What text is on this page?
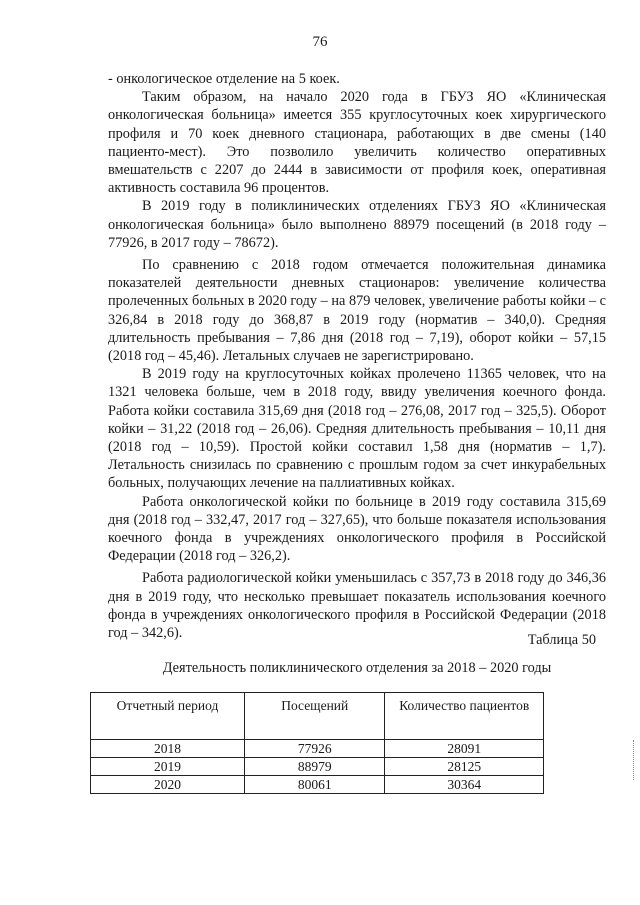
76

- онкологическое отделение на 5 коек.

Таким образом, на начало 2020 года в ГБУЗ ЯО «Клиническая онкологическая больница» имеется 355 круглосуточных коек хирургического профиля и 70 коек дневного стационара, работающих в две смены (140 пациенто-мест). Это позволило увеличить количество оперативных вмешательств с 2207 до 2444 в зависимости от профиля коек, оперативная активность составила 96 процентов.

В 2019 году в поликлинических отделениях ГБУЗ ЯО «Клиническая онкологическая больница» было выполнено 88979 посещений (в 2018 году – 77926, в 2017 году – 78672).

По сравнению с 2018 годом отмечается положительная динамика показателей деятельности дневных стационаров: увеличение количества пролеченных больных в 2020 году – на 879 человек, увеличение работы койки – с 326,84 в 2018 году до 368,87 в 2019 году (норматив – 340,0). Средняя длительность пребывания – 7,86 дня (2018 год – 7,19), оборот койки – 57,15 (2018 год – 45,46). Летальных случаев не зарегистрировано.

В 2019 году на круглосуточных койках пролечено 11365 человек, что на 1321 человека больше, чем в 2018 году, ввиду увеличения коечного фонда. Работа койки составила 315,69 дня (2018 год – 276,08, 2017 год – 325,5). Оборот койки – 31,22 (2018 год – 26,06). Средняя длительность пребывания – 10,11 дня (2018 год – 10,59). Простой койки составил 1,58 дня (норматив – 1,7). Летальность снизилась по сравнению с прошлым годом за счет инкурабельных больных, получающих лечение на паллиативных койках.

Работа онкологической койки по больнице в 2019 году составила 315,69 дня (2018 год – 332,47, 2017 год – 327,65), что больше показателя использования коечного фонда в учреждениях онкологического профиля в Российской Федерации (2018 год – 326,2).

Работа радиологической койки уменьшилась с 357,73 в 2018 году до 346,36 дня в 2019 году, что несколько превышает показатель использования коечного фонда в учреждениях онкологического профиля в Российской Федерации (2018 год – 342,6).	Таблица 50
Деятельность поликлинического отделения за 2018 – 2020 годы
Отчетный период	Посещений	Количество пациентов
2018	77926	28091
2019	88979	28125
2020	80061	30364
